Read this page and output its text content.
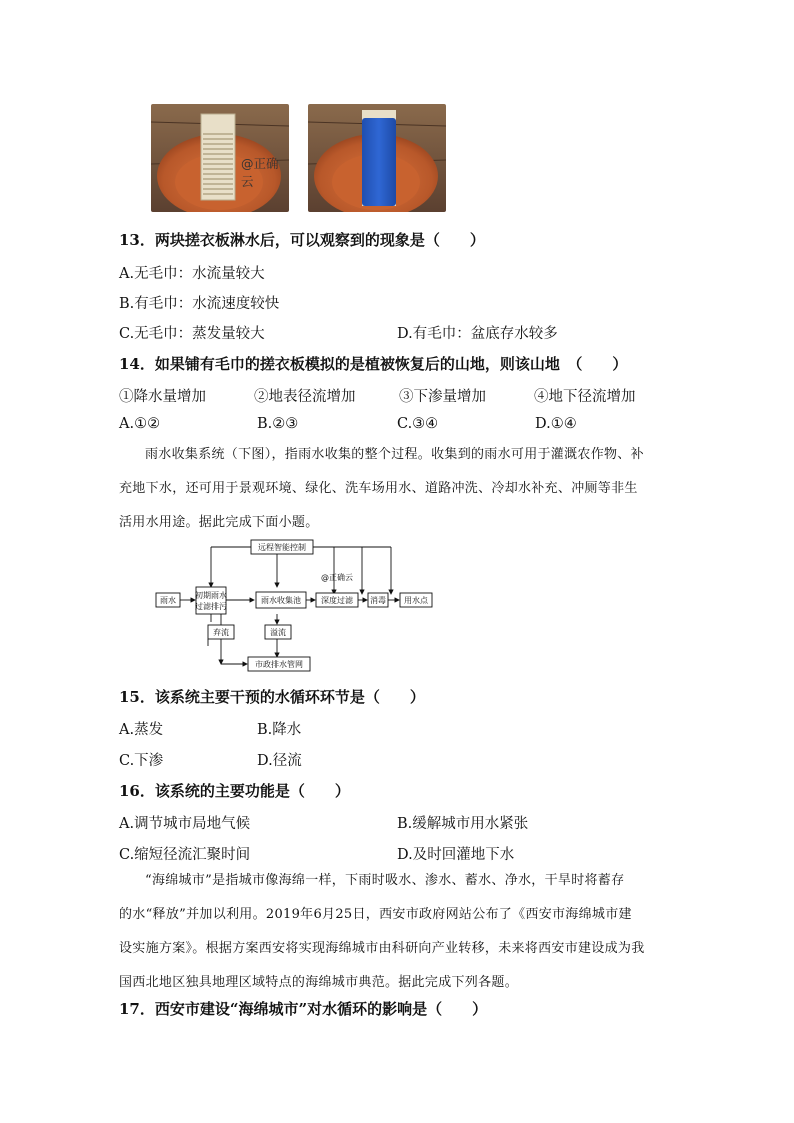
@正确云
13．两块搓衣板淋水后，可以观察到的现象是（　　）
A.无毛巾：水流量较大
B.有毛巾：水流速度较快
C.无毛巾：蒸发量较大	D.有毛巾：盆底存水较多
14．如果铺有毛巾的搓衣板模拟的是植被恢复后的山地，则该山地　（　　）
①降水量增加	②地表径流增加	③下渗量增加	④地下径流增加
A.①②	B.②③	C.③④	D.①④
雨水收集系统（下图），指雨水收集的整个过程。收集到的雨水可用于灌溉农作物、补
充地下水，还可用于景观环境、绿化、洗车场用水、道路冲洗、冷却水补充、冲厕等非生
活用水用途。据此完成下面小题。
远程智能控制
雨水
初期雨水
过滤排污
雨水收集池	深度过滤 消毒 用水点
弃流	溢流
市政排水管网
@正确云
15．该系统主要干预的水循环环节是（　　）
A.蒸发	B.降水
C.下渗	D.径流
16．该系统的主要功能是（　　）
A.调节城市局地气候	B.缓解城市用水紧张
C.缩短径流汇聚时间	D.及时回灌地下水
“海绵城市”是指城市像海绵一样，下雨时吸水、渗水、蓄水、净水，干旱时将蓄存
的水“释放”并加以利用。2019年6月25日，西安市政府网站公布了《西安市海绵城市建
设实施方案》。根据方案西安将实现海绵城市由科研向产业转移，未来将西安市建设成为我
国西北地区独具地理区域特点的海绵城市典范。据此完成下列各题。
17．西安市建设“海绵城市”对水循环的影响是（　　）
